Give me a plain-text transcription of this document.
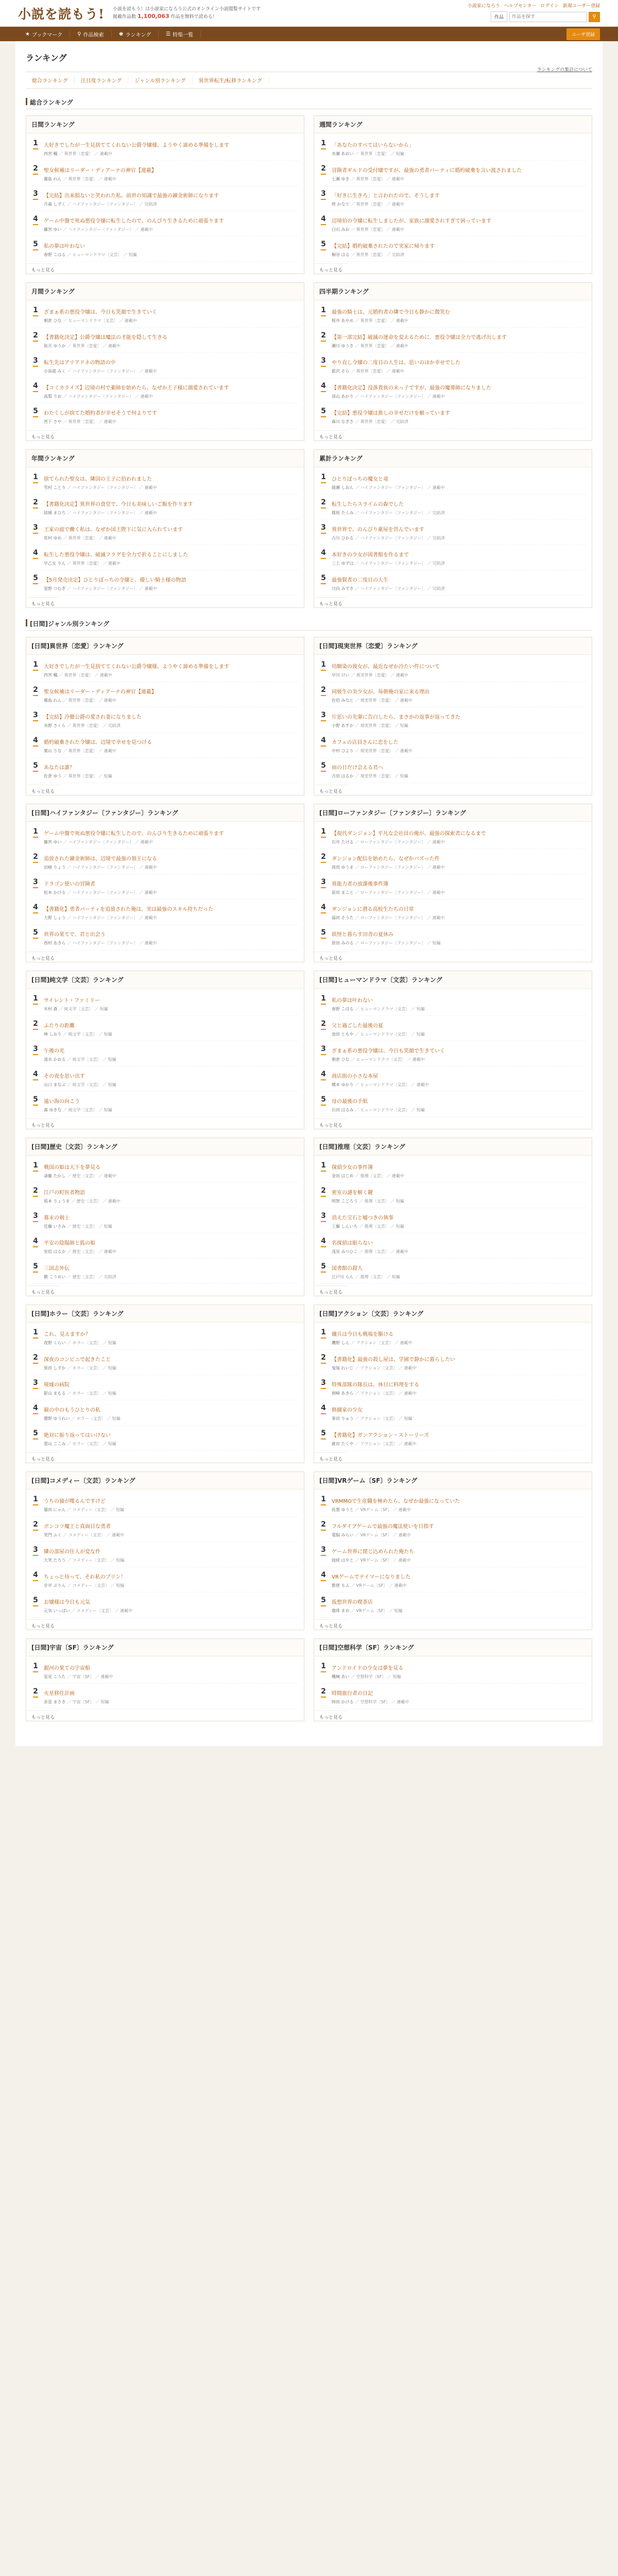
小説を読もう! 小説を読もう！は小説家になろう公式のオンライン小説閲覧サイトです
掲載作品数 1,100,063 作品を無料で読める！
小説家になろう ヘルプセンター ログイン 新規ユーザー登録
作品
作品を探す	⚲
★ ブックマーク	⚲ 作品検索	♚ ランキング	☰ 特集一覧	ユーザ登録
ランキング
ランキングの集計について
総合ランキング	注目度ランキング	ジャンル別ランキング	異世界転生/転移ランキング
総合ランキング
日間ランキング
1	大好きでしたが一生見捨ててくれない公爵令嬢様、ようやく諦める準備をします
四宮 楓 ／ 異世界〔恋愛〕 ／ 連載中
2	聖女候補はリーダー・ディアーナの神官【連載】
霧島 れん ／ 異世界〔恋愛〕 ／ 連載中
3	【完結】出来損ないと笑われた私、前世の知識で最強の錬金術師になります
月森 しずく ／ ハイファンタジー〔ファンタジー〕 ／ 完結済
4	ゲーム中盤で死ぬ悪役令嬢に転生したので、のんびり生きるために頑張ります
藤宮 ゆい ／ ハイファンタジー〔ファンタジー〕 ／ 連載中
5	私の夢は叶わない
春野 こはる ／ ヒューマンドラマ〔文芸〕 ／ 短編
もっと見る
週間ランキング
1	「あなたのすべてはいらないから」
水瀬 あおい ／ 異世界〔恋愛〕 ／ 短編
2	冒険者ギルドの受付嬢ですが、最強の勇者パーティに婚約破棄を言い渡されました
七瀬 ゆき ／ 異世界〔恋愛〕 ／ 連載中
3	「好きに生きろ」と言われたので、そうします
柊 かなで ／ 異世界〔恋愛〕 ／ 連載中
4	辺境伯の令嬢に転生しましたが、家族に溺愛されすぎて困っています
白石 みお ／ 異世界〔恋愛〕 ／ 連載中
5	【完結】婚約破棄されたので実家に帰ります
桐谷 はる ／ 異世界〔恋愛〕 ／ 完結済
もっと見る
月間ランキング
1	ざまぁ系の悪役令嬢は、今日も笑顔で生きていく
朝倉 ひな ／ ヒューマンドラマ〔文芸〕 ／ 連載中
2	【書籍化決定】公爵令嬢は魔法の才能を隠して生きる
如月 ゆうか ／ 異世界〔恋愛〕 ／ 連載中
3	転生先はアリアドネの物語の中
小鳥遊 みく ／ ハイファンタジー〔ファンタジー〕 ／ 連載中
4	【コミカライズ】辺境の村で薬師を始めたら、なぜか王子様に溺愛されています
高梨 りお ／ ハイファンタジー〔ファンタジー〕 ／ 連載中
5	わたくしが捨てた婚約者が幸せそうで何よりです
宮下 さや ／ 異世界〔恋愛〕 ／ 連載中
もっと見る
四半期ランキング
1	最強の騎士は、元婚約者の隣で今日も静かに微笑む
桜井 あやめ ／ 異世界〔恋愛〕 ／ 連載中
2	【第一部完結】破滅の運命を変えるために、悪役令嬢は全力で逃げ出します
瀬川 ゆうき ／ 異世界〔恋愛〕 ／ 連載中
3	やり直し令嬢の二度目の人生は、思いのほか幸せでした
藍沢 そら ／ 異世界〔恋愛〕 ／ 連載中
4	【書籍化決定】没落貴族の末っ子ですが、最強の魔導師になりました
深山 あかり ／ ハイファンタジー〔ファンタジー〕 ／ 連載中
5	【完結】悪役令嬢は推しの幸せだけを願っています
森川 なぎさ ／ 異世界〔恋愛〕 ／ 完結済
もっと見る
年間ランキング
1	捨てられた聖女は、隣国の王子に拾われました
雪村 ことり ／ ハイファンタジー〔ファンタジー〕 ／ 連載中
2	【書籍化決定】異世界の食堂で、今日も美味しいご飯を作ります
結城 まひろ ／ ハイファンタジー〔ファンタジー〕 ／ 連載中
3	王家の庭で働く私は、なぜか国王陛下に気に入られています
花村 ゆめ ／ 異世界〔恋愛〕 ／ 連載中
4	転生した悪役令嬢は、破滅フラグを全力で折ることにしました
早乙女 りん ／ 異世界〔恋愛〕 ／ 連載中
5	【5月発売決定】ひとりぼっちの令嬢と、優しい騎士様の物語
星野 つむぎ ／ ハイファンタジー〔ファンタジー〕 ／ 連載中
もっと見る
累計ランキング
1	ひとりぼっちの魔女と竜
綾瀬 しおん ／ ハイファンタジー〔ファンタジー〕 ／ 連載中
2	転生したらスライムの森でした
篠原 たくみ ／ ハイファンタジー〔ファンタジー〕 ／ 完結済
3	異世界で、のんびり薬屋を営んでいます
古川 ひかる ／ ハイファンタジー〔ファンタジー〕 ／ 完結済
4	本好きの少女が図書館を作るまで
三上 ゆずは ／ ハイファンタジー〔ファンタジー〕 ／ 完結済
5	最強賢者の二度目の人生
日向 みずき ／ ハイファンタジー〔ファンタジー〕 ／ 完結済
もっと見る
[日間]ジャンル別ランキング
[日間]異世界〔恋愛〕ランキング
1	大好きでしたが一生見捨ててくれない公爵令嬢様、ようやく諦める準備をします
四宮 楓 ／ 異世界〔恋愛〕 ／ 連載中
2	聖女候補はリーダー・ディアーナの神官【連載】
霧島 れん ／ 異世界〔恋愛〕 ／ 連載中
3	【完結】冷徹公爵の愛され妻になりました
水野 さくら ／ 異世界〔恋愛〕 ／ 完結済
4	婚約破棄された令嬢は、辺境で幸せを見つける
葉山 りな ／ 異世界〔恋愛〕 ／ 連載中
5	あなたは誰？
佐倉 ゆう ／ 異世界〔恋愛〕 ／ 短編
もっと見る
[日間]現実世界〔恋愛〕ランキング
1	幼馴染の彼女が、最近なぜか冷たい件について
早川 けい ／ 現実世界〔恋愛〕 ／ 連載中
2	同級生の美少女が、毎朝俺の家に来る理由
佐伯 みなと ／ 現実世界〔恋愛〕 ／ 連載中
3	片思いの先輩に告白したら、まさかの返事が返ってきた
小野 あすか ／ 現実世界〔恋愛〕 ／ 短編
4	カフェの店員さんに恋をした
中村 ひより ／ 現実世界〔恋愛〕 ／ 連載中
5	雨の日だけ会える君へ
吉田 はるか ／ 現実世界〔恋愛〕 ／ 短編
もっと見る
[日間]ハイファンタジー〔ファンタジー〕ランキング
1	ゲーム中盤で死ぬ悪役令嬢に転生したので、のんびり生きるために頑張ります
藤宮 ゆい ／ ハイファンタジー〔ファンタジー〕 ／ 連載中
2	追放された錬金術師は、辺境で最強の領主になる
岩崎 りょう ／ ハイファンタジー〔ファンタジー〕 ／ 連載中
3	ドラゴン使いの冒険者
松本 かける ／ ハイファンタジー〔ファンタジー〕 ／ 連載中
4	【書籍化】勇者パーティを追放された俺は、実は最強のスキル持ちだった
大野 しょう ／ ハイファンタジー〔ファンタジー〕 ／ 連載中
5	世界の果てで、君と出会う
西村 あきら ／ ハイファンタジー〔ファンタジー〕 ／ 連載中
もっと見る
[日間]ローファンタジー〔ファンタジー〕ランキング
1	【現代ダンジョン】平凡な会社員の俺が、最強の探索者になるまで
石井 たける ／ ローファンタジー〔ファンタジー〕 ／ 連載中
2	ダンジョン配信を始めたら、なぜかバズった件
岡田 ゆうま ／ ローファンタジー〔ファンタジー〕 ／ 連載中
3	異能力者の放課後事件簿
前田 まこと ／ ローファンタジー〔ファンタジー〕 ／ 連載中
4	ダンジョンに潜る高校生たちの日常
福田 そうた ／ ローファンタジー〔ファンタジー〕 ／ 連載中
5	妖怪と暮らす田舎の夏休み
原田 みのる ／ ローファンタジー〔ファンタジー〕 ／ 短編
もっと見る
[日間]純文学〔文芸〕ランキング
1	サイレント・ファミリー
木村 蒼 ／ 純文学〔文芸〕 ／ 短編
2	ふたりの距離
林 しおり ／ 純文学〔文芸〕 ／ 短編
3	午後の光
清水 かおる ／ 純文学〔文芸〕 ／ 短編
4	その夜を思い出す
山口 まなぶ ／ 純文学〔文芸〕 ／ 短編
5	遠い海の向こう
森 ゆきな ／ 純文学〔文芸〕 ／ 短編
もっと見る
[日間]ヒューマンドラマ〔文芸〕ランキング
1	私の夢は叶わない
春野 こはる ／ ヒューマンドラマ〔文芸〕 ／ 短編
2	父と過ごした最後の夏
池田 ともや ／ ヒューマンドラマ〔文芸〕 ／ 短編
3	ざまぁ系の悪役令嬢は、今日も笑顔で生きていく
朝倉 ひな ／ ヒューマンドラマ〔文芸〕 ／ 連載中
4	商店街の小さな本屋
橋本 ゆかり ／ ヒューマンドラマ〔文芸〕 ／ 連載中
5	母の最後の手紙
石田 はるみ ／ ヒューマンドラマ〔文芸〕 ／ 短編
もっと見る
[日間]歴史〔文芸〕ランキング
1	戦国の姫は天下を夢見る
斎藤 たかし ／ 歴史〔文芸〕 ／ 連載中
2	江戸の町医者物語
坂本 りょうま ／ 歴史〔文芸〕 ／ 連載中
3	幕末の剣士
近藤 いさみ ／ 歴史〔文芸〕 ／ 短編
4	平安の陰陽師と狐の姫
安倍 はるか ／ 歴史〔文芸〕 ／ 連載中
5	三国志外伝
劉 こうめい ／ 歴史〔文芸〕 ／ 完結済
もっと見る
[日間]推理〔文芸〕ランキング
1	探偵少女の事件簿
金田 はじめ ／ 推理〔文芸〕 ／ 連載中
2	密室の謎を解く鍵
明智 こごろう ／ 推理〔文芸〕 ／ 短編
3	消えた宝石と嘘つきの執事
工藤 しんいち ／ 推理〔文芸〕 ／ 短編
4	名探偵は眠らない
浅見 みつひこ ／ 推理〔文芸〕 ／ 連載中
5	図書館の殺人
江戸川 らん ／ 推理〔文芸〕 ／ 短編
もっと見る
[日間]ホラー〔文芸〕ランキング
1	これ、見えますか？
夜野 くらい ／ ホラー〔文芸〕 ／ 短編
2	深夜のコンビニで起きたこと
黒田 しずか ／ ホラー〔文芸〕 ／ 短編
3	廃墟の病院
影山 まもる ／ ホラー〔文芸〕 ／ 短編
4	鏡の中のもうひとりの私
闇野 ゆうれい ／ ホラー〔文芸〕 ／ 短編
5	絶対に振り返ってはいけない
霊山 ここみ ／ ホラー〔文芸〕 ／ 短編
もっと見る
[日間]アクション〔文芸〕ランキング
1	傭兵は今日も戦場を駆ける
鷹野 しん ／ アクション〔文芸〕 ／ 連載中
2	【書籍化】最強の殺し屋は、学園で静かに暮らしたい
鬼塚 れいじ ／ アクション〔文芸〕 ／ 連載中
3	特殊部隊の隊長は、休日に料理をする
剣崎 あきら ／ アクション〔文芸〕 ／ 連載中
4	格闘家の少女
拳田 りゅう ／ アクション〔文芸〕 ／ 短編
5	【書籍化】ガンアクション・ストーリーズ
銃田 たくや ／ アクション〔文芸〕 ／ 連載中
もっと見る
[日間]コメディー〔文芸〕ランキング
1	うちの猫が喋るんですけど
猫田 にゃん ／ コメディー〔文芸〕 ／ 短編
2	ポンコツ魔王と真面目な勇者
笑門 ふく ／ コメディー〔文芸〕 ／ 連載中
3	隣の部屋の住人が変な件
大笑 たろう ／ コメディー〔文芸〕 ／ 短編
4	ちょっと待って、それ私のプリン！
甘井 ぷりん ／ コメディー〔文芸〕 ／ 短編
5	お嬢様は今日も元気
元気 いっぱい ／ コメディー〔文芸〕 ／ 連載中
もっと見る
[日間]VRゲーム〔SF〕ランキング
1	VRMMOで生産職を極めたら、なぜか最強になっていた
仮想 ゆうと ／ VRゲーム〔SF〕 ／ 連載中
2	フルダイブゲームで最強の魔法使いを目指す
電脳 みらい ／ VRゲーム〔SF〕 ／ 連載中
3	ゲーム世界に閉じ込められた俺たち
接続 はやと ／ VRゲーム〔SF〕 ／ 連載中
4	VRゲームでテイマーになりました
獣使 もふ ／ VRゲーム〔SF〕 ／ 連載中
5	仮想世界の喫茶店
珈琲 まめ ／ VRゲーム〔SF〕 ／ 短編
もっと見る
[日間]宇宙〔SF〕ランキング
1	銀河の果ての宇宙船
星見 こうた ／ 宇宙〔SF〕 ／ 連載中
2	火星移住計画
赤星 まさき ／ 宇宙〔SF〕 ／ 短編
もっと見る
[日間]空想科学〔SF〕ランキング
1	アンドロイドの少女は夢を見る
機械 あい ／ 空想科学〔SF〕 ／ 短編
2	時間旅行者の日記
時田 かける ／ 空想科学〔SF〕 ／ 連載中
もっと見る
